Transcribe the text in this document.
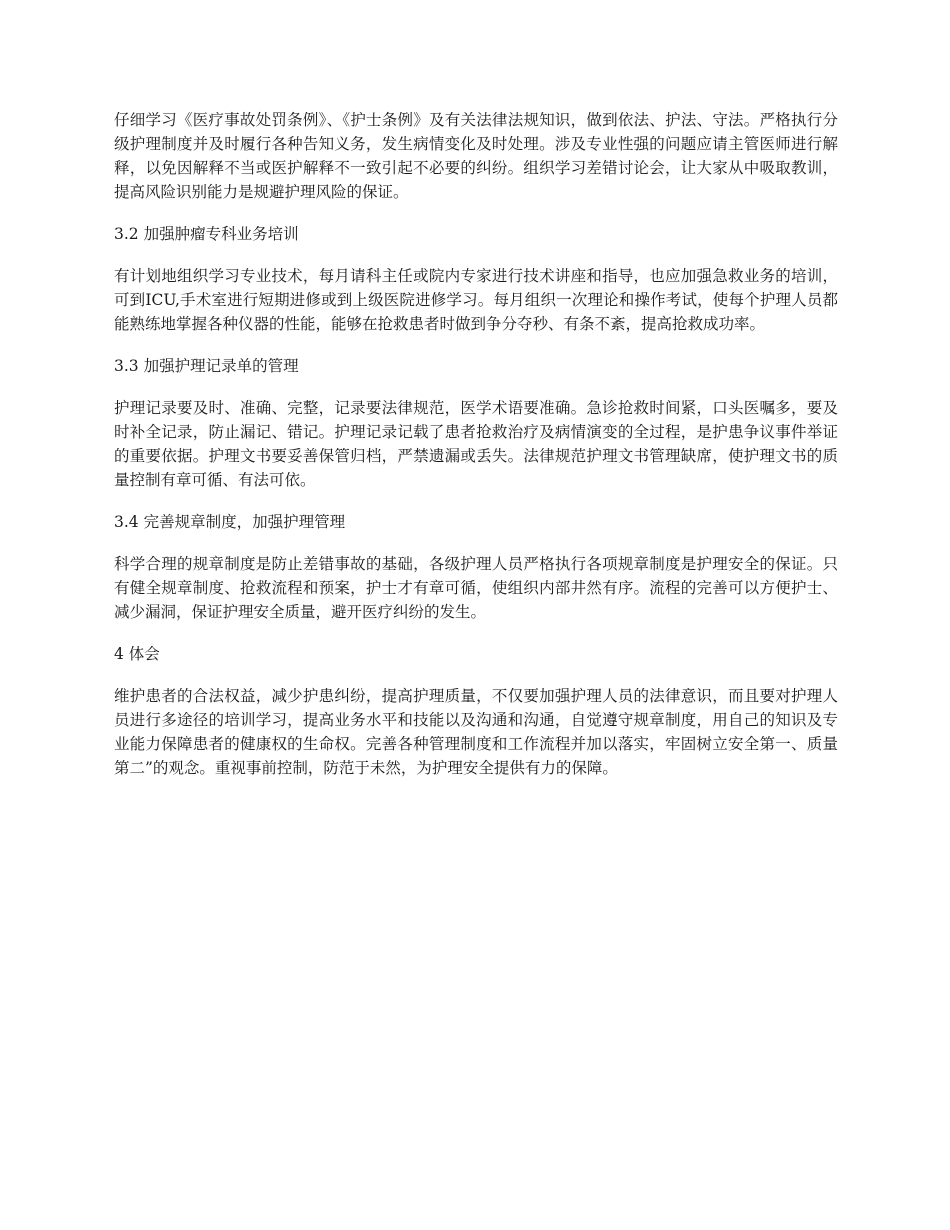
仔细学习《医疗事故处罚条例》、《护士条例》及有关法律法规知识，做到依法、护法、守法。严格执行分级护理制度并及时履行各种告知义务，发生病情变化及时处理。涉及专业性强的问题应请主管医师进行解释，以免因解释不当或医护解释不一致引起不必要的纠纷。组织学习差错讨论会，让大家从中吸取教训，提高风险识别能力是规避护理风险的保证。

3.2 加强肿瘤专科业务培训

有计划地组织学习专业技术，每月请科主任或院内专家进行技术讲座和指导，也应加强急救业务的培训，可到ICU,手术室进行短期进修或到上级医院进修学习。每月组织一次理论和操作考试，使每个护理人员都能熟练地掌握各种仪器的性能，能够在抢救患者时做到争分夺秒、有条不紊，提高抢救成功率。

3.3 加强护理记录单的管理

护理记录要及时、准确、完整，记录要法律规范，医学术语要准确。急诊抢救时间紧，口头医嘱多，要及时补全记录，防止漏记、错记。护理记录记载了患者抢救治疗及病情演变的全过程，是护患争议事件举证的重要依据。护理文书要妥善保管归档，严禁遗漏或丢失。法律规范护理文书管理缺席，使护理文书的质量控制有章可循、有法可依。

3.4 完善规章制度，加强护理管理

科学合理的规章制度是防止差错事故的基础，各级护理人员严格执行各项规章制度是护理安全的保证。只有健全规章制度、抢救流程和预案，护士才有章可循，使组织内部井然有序。流程的完善可以方便护士、减少漏洞，保证护理安全质量，避开医疗纠纷的发生。

4 体会

维护患者的合法权益，减少护患纠纷，提高护理质量，不仅要加强护理人员的法律意识，而且要对护理人员进行多途径的培训学习，提高业务水平和技能以及沟通和沟通，自觉遵守规章制度，用自己的知识及专业能力保障患者的健康权的生命权。完善各种管理制度和工作流程并加以落实，牢固树立安全第一、质量第二”的观念。重视事前控制，防范于未然，为护理安全提供有力的保障。
